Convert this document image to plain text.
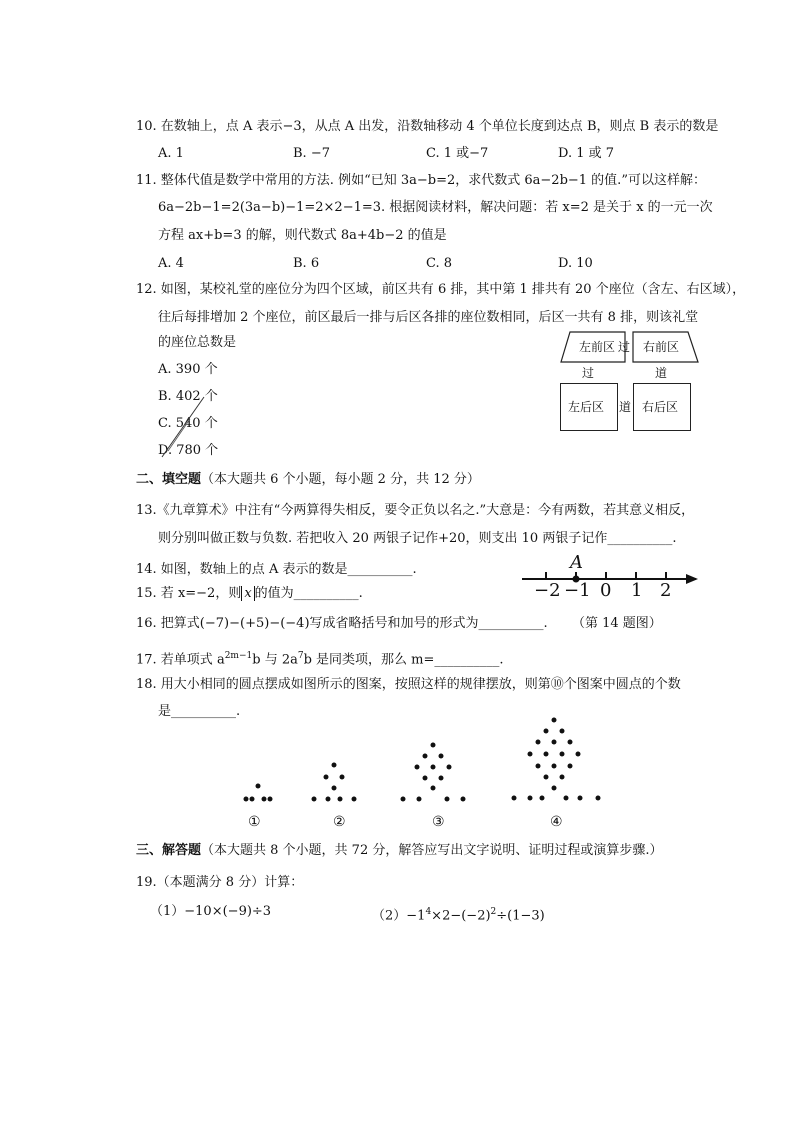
10. 在数轴上，点 A 表示−3，从点 A 出发，沿数轴移动 4 个单位长度到达点 B，则点 B 表示的数是
A. 1	B. −7	C. 1 或−7	D. 1 或 7
11. 整体代值是数学中常用的方法. 例如“已知 3a−b=2，求代数式 6a−2b−1 的值.”可以这样解：
6a−2b−1=2(3a−b)−1=2×2−1=3. 根据阅读材料，解决问题：若 x=2 是关于 x 的一元一次
方程 ax+b=3 的解，则代数式 8a+4b−2 的值是
A. 4	B. 6	C. 8	D. 10
12. 如图，某校礼堂的座位分为四个区域，前区共有 6 排，其中第 1 排共有 20 个座位（含左、右区域），
往后每排增加 2 个座位，前区最后一排与后区各排的座位数相同，后区一共有 8 排，则该礼堂
的座位总数是
A. 390 个
B. 402 个
C. 540 个
D. 780 个
左前区 过 右前区
过	道
左后区 道 右后区
二、填空题（本大题共 6 个小题，每小题 2 分，共 12 分）
13.《九章算术》中注有“今两算得失相反，要令正负以名之.”大意是：今有两数，若其意义相反，
则分别叫做正数与负数. 若把收入 20 两银子记作+20，则支出 10 两银子记作__________.
14. 如图，数轴上的点 A 表示的数是__________.	A
−2 −1 0 1 2
15. 若 x=−2，则 x 的值为__________.
16. 把算式(−7)−(+5)−(−4)写成省略括号和加号的形式为__________. （第 14 题图）
17. 若单项式 $a^{2m-1}b$ 与 $2a^7b$ 是同类项，那么 m=__________.
18. 用大小相同的圆点摆成如图所示的图案，按照这样的规律摆放，则第⑩个图案中圆点的个数
是__________.
①	②	③	④
三、解答题（本大题共 8 个小题，共 72 分，解答应写出文字说明、证明过程或演算步骤.）
19.（本题满分 8 分）计算：
（1）−10×(−9)÷3	$(2)-1^4\times 2-(-2)^2\div(1-3)$
